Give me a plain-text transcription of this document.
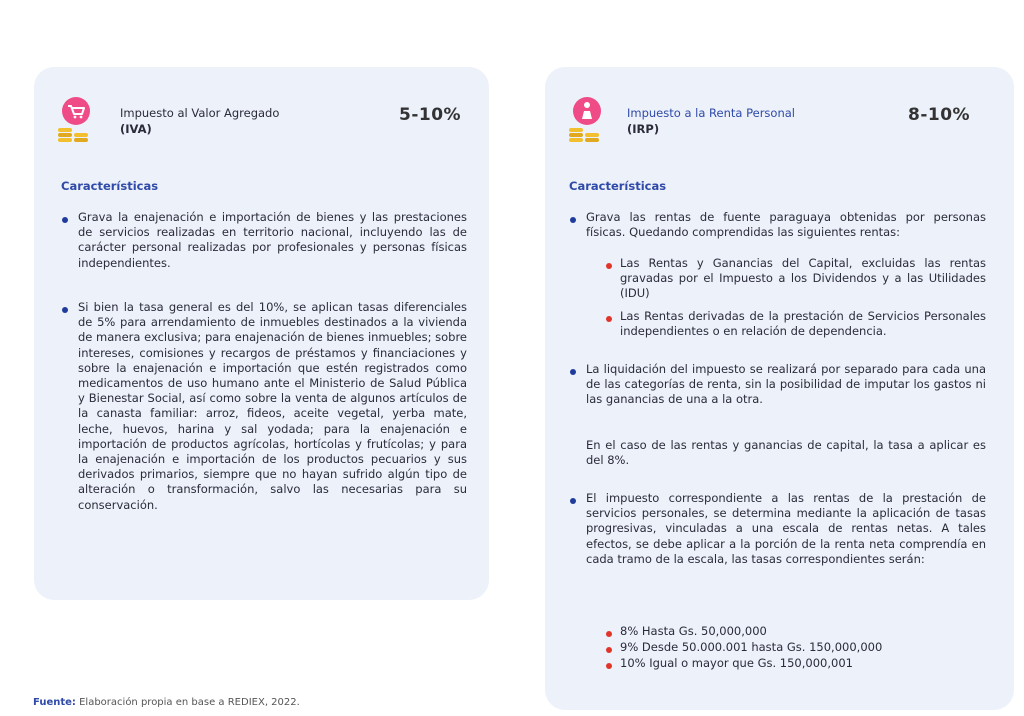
Impuesto al Valor Agregado
(IVA)
5-10%
Características
Grava la enajenación e importación de bienes y las prestaciones de servicios realizadas en territorio nacional, incluyendo las de carácter personal realizadas por profesionales y personas físicas independientes.
Si bien la tasa general es del 10%, se aplican tasas diferenciales de 5% para arrendamiento de inmuebles destinados a la vivienda de manera exclusiva; para enajenación de bienes inmuebles; sobre intereses, comisiones y recargos de préstamos y financiaciones y sobre la enajenación e importación que estén registrados como medicamentos de uso humano ante el Ministerio de Salud Pública y Bienestar Social, así como sobre la venta de algunos artículos de la canasta familiar: arroz, fideos, aceite vegetal, yerba mate, leche, huevos, harina y sal yodada; para la enajenación e importación de productos agrícolas, hortícolas y frutícolas; y para la enajenación e importación de los productos pecuarios y sus derivados primarios, siempre que no hayan sufrido algún tipo de alteración o transformación, salvo las necesarias para su conservación.
Impuesto a la Renta Personal
(IRP)
8-10%
Características
Grava las rentas de fuente paraguaya obtenidas por personas físicas. Quedando comprendidas las siguientes rentas:
Las Rentas y Ganancias del Capital, excluidas las rentas gravadas por el Impuesto a los Dividendos y a las Utilidades (IDU)
Las Rentas derivadas de la prestación de Servicios Personales independientes o en relación de dependencia.
La liquidación del impuesto se realizará por separado para cada una de las categorías de renta, sin la posibilidad de imputar los gastos ni las ganancias de una a la otra.
En el caso de las rentas y ganancias de capital, la tasa a aplicar es del 8%.
El impuesto correspondiente a las rentas de la prestación de servicios personales, se determina mediante la aplicación de tasas progresivas, vinculadas a una escala de rentas netas. A tales efectos, se debe aplicar a la porción de la renta neta comprendía en cada tramo de la escala, las tasas correspondientes serán:
8% Hasta Gs. 50,000,000
9% Desde 50.000.001 hasta Gs. 150,000,000
10% Igual o mayor que Gs. 150,000,001
Fuente: Elaboración propia en base a REDIEX, 2022.
